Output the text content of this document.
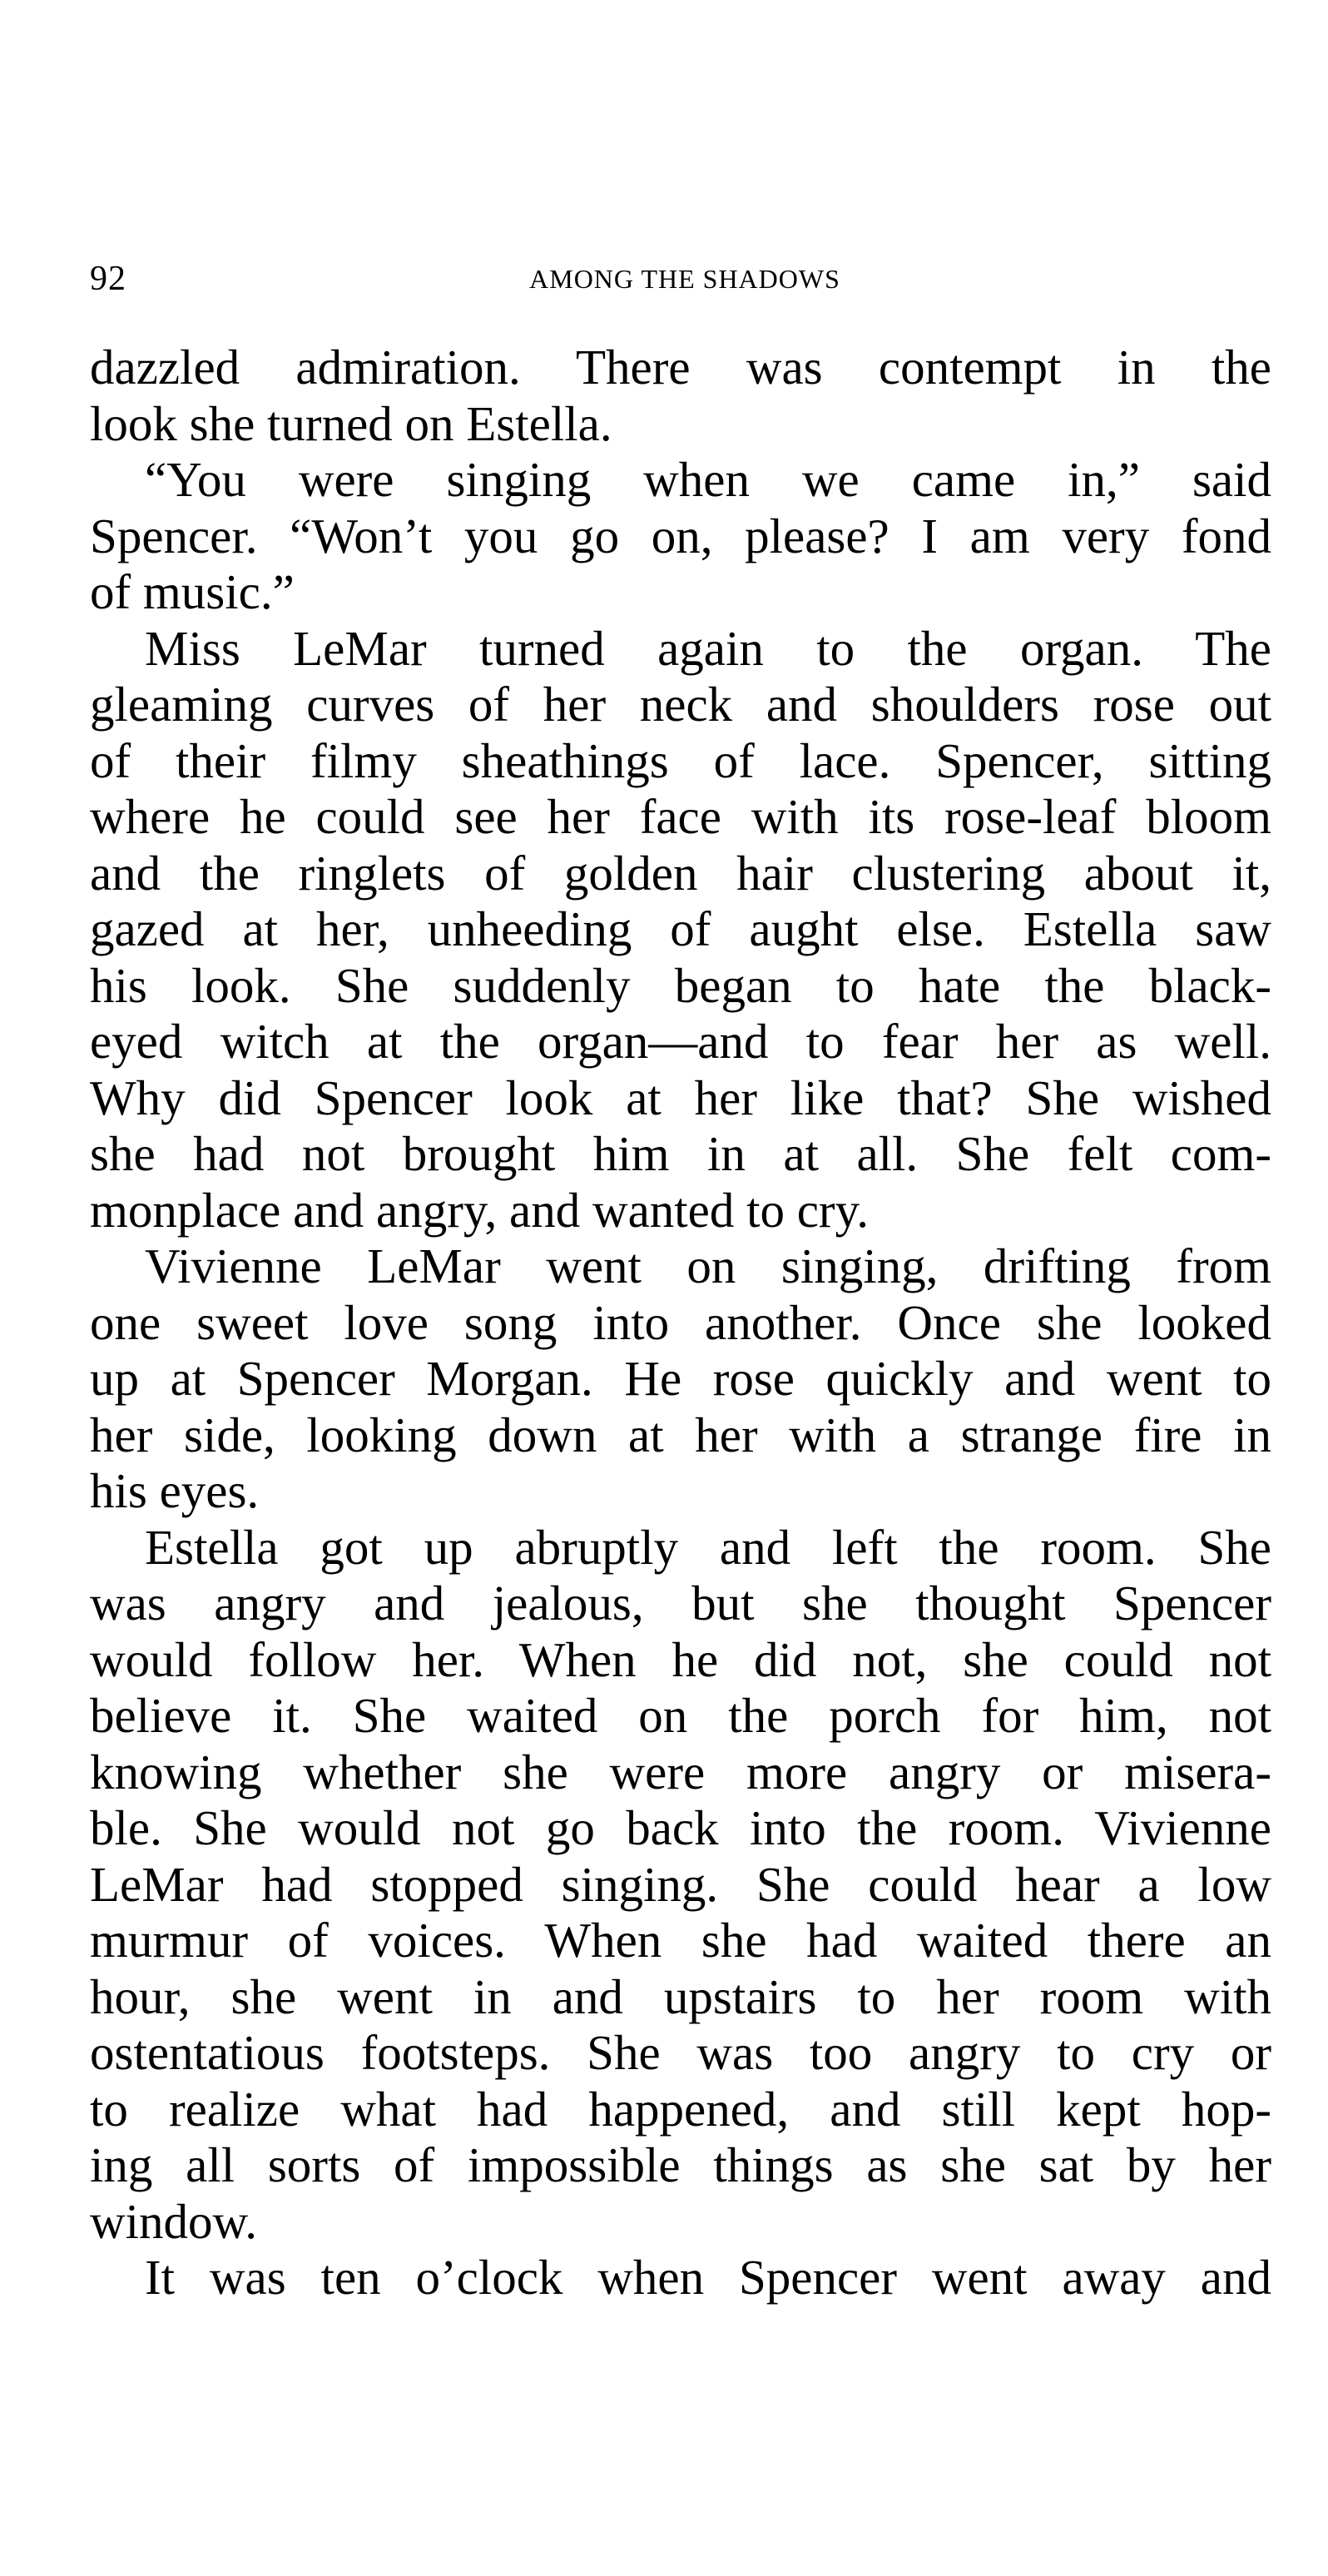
92	AMONG THE SHADOWS
dazzled admiration. There was contempt in the
look she turned on Estella.
“You were singing when we came in,” said
Spencer. “Won’t you go on, please? I am very fond
of music.”
Miss LeMar turned again to the organ. The
gleaming curves of her neck and shoulders rose out
of their filmy sheathings of lace. Spencer, sitting
where he could see her face with its rose-leaf bloom
and the ringlets of golden hair clustering about it,
gazed at her, unheeding of aught else. Estella saw
his look. She suddenly began to hate the black-
eyed witch at the organ—and to fear her as well.
Why did Spencer look at her like that? She wished
she had not brought him in at all. She felt com-
monplace and angry, and wanted to cry.
Vivienne LeMar went on singing, drifting from
one sweet love song into another. Once she looked
up at Spencer Morgan. He rose quickly and went to
her side, looking down at her with a strange fire in
his eyes.
Estella got up abruptly and left the room. She
was angry and jealous, but she thought Spencer
would follow her. When he did not, she could not
believe it. She waited on the porch for him, not
knowing whether she were more angry or misera-
ble. She would not go back into the room. Vivienne
LeMar had stopped singing. She could hear a low
murmur of voices. When she had waited there an
hour, she went in and upstairs to her room with
ostentatious footsteps. She was too angry to cry or
to realize what had happened, and still kept hop-
ing all sorts of impossible things as she sat by her
window.
It was ten o’clock when Spencer went away and
